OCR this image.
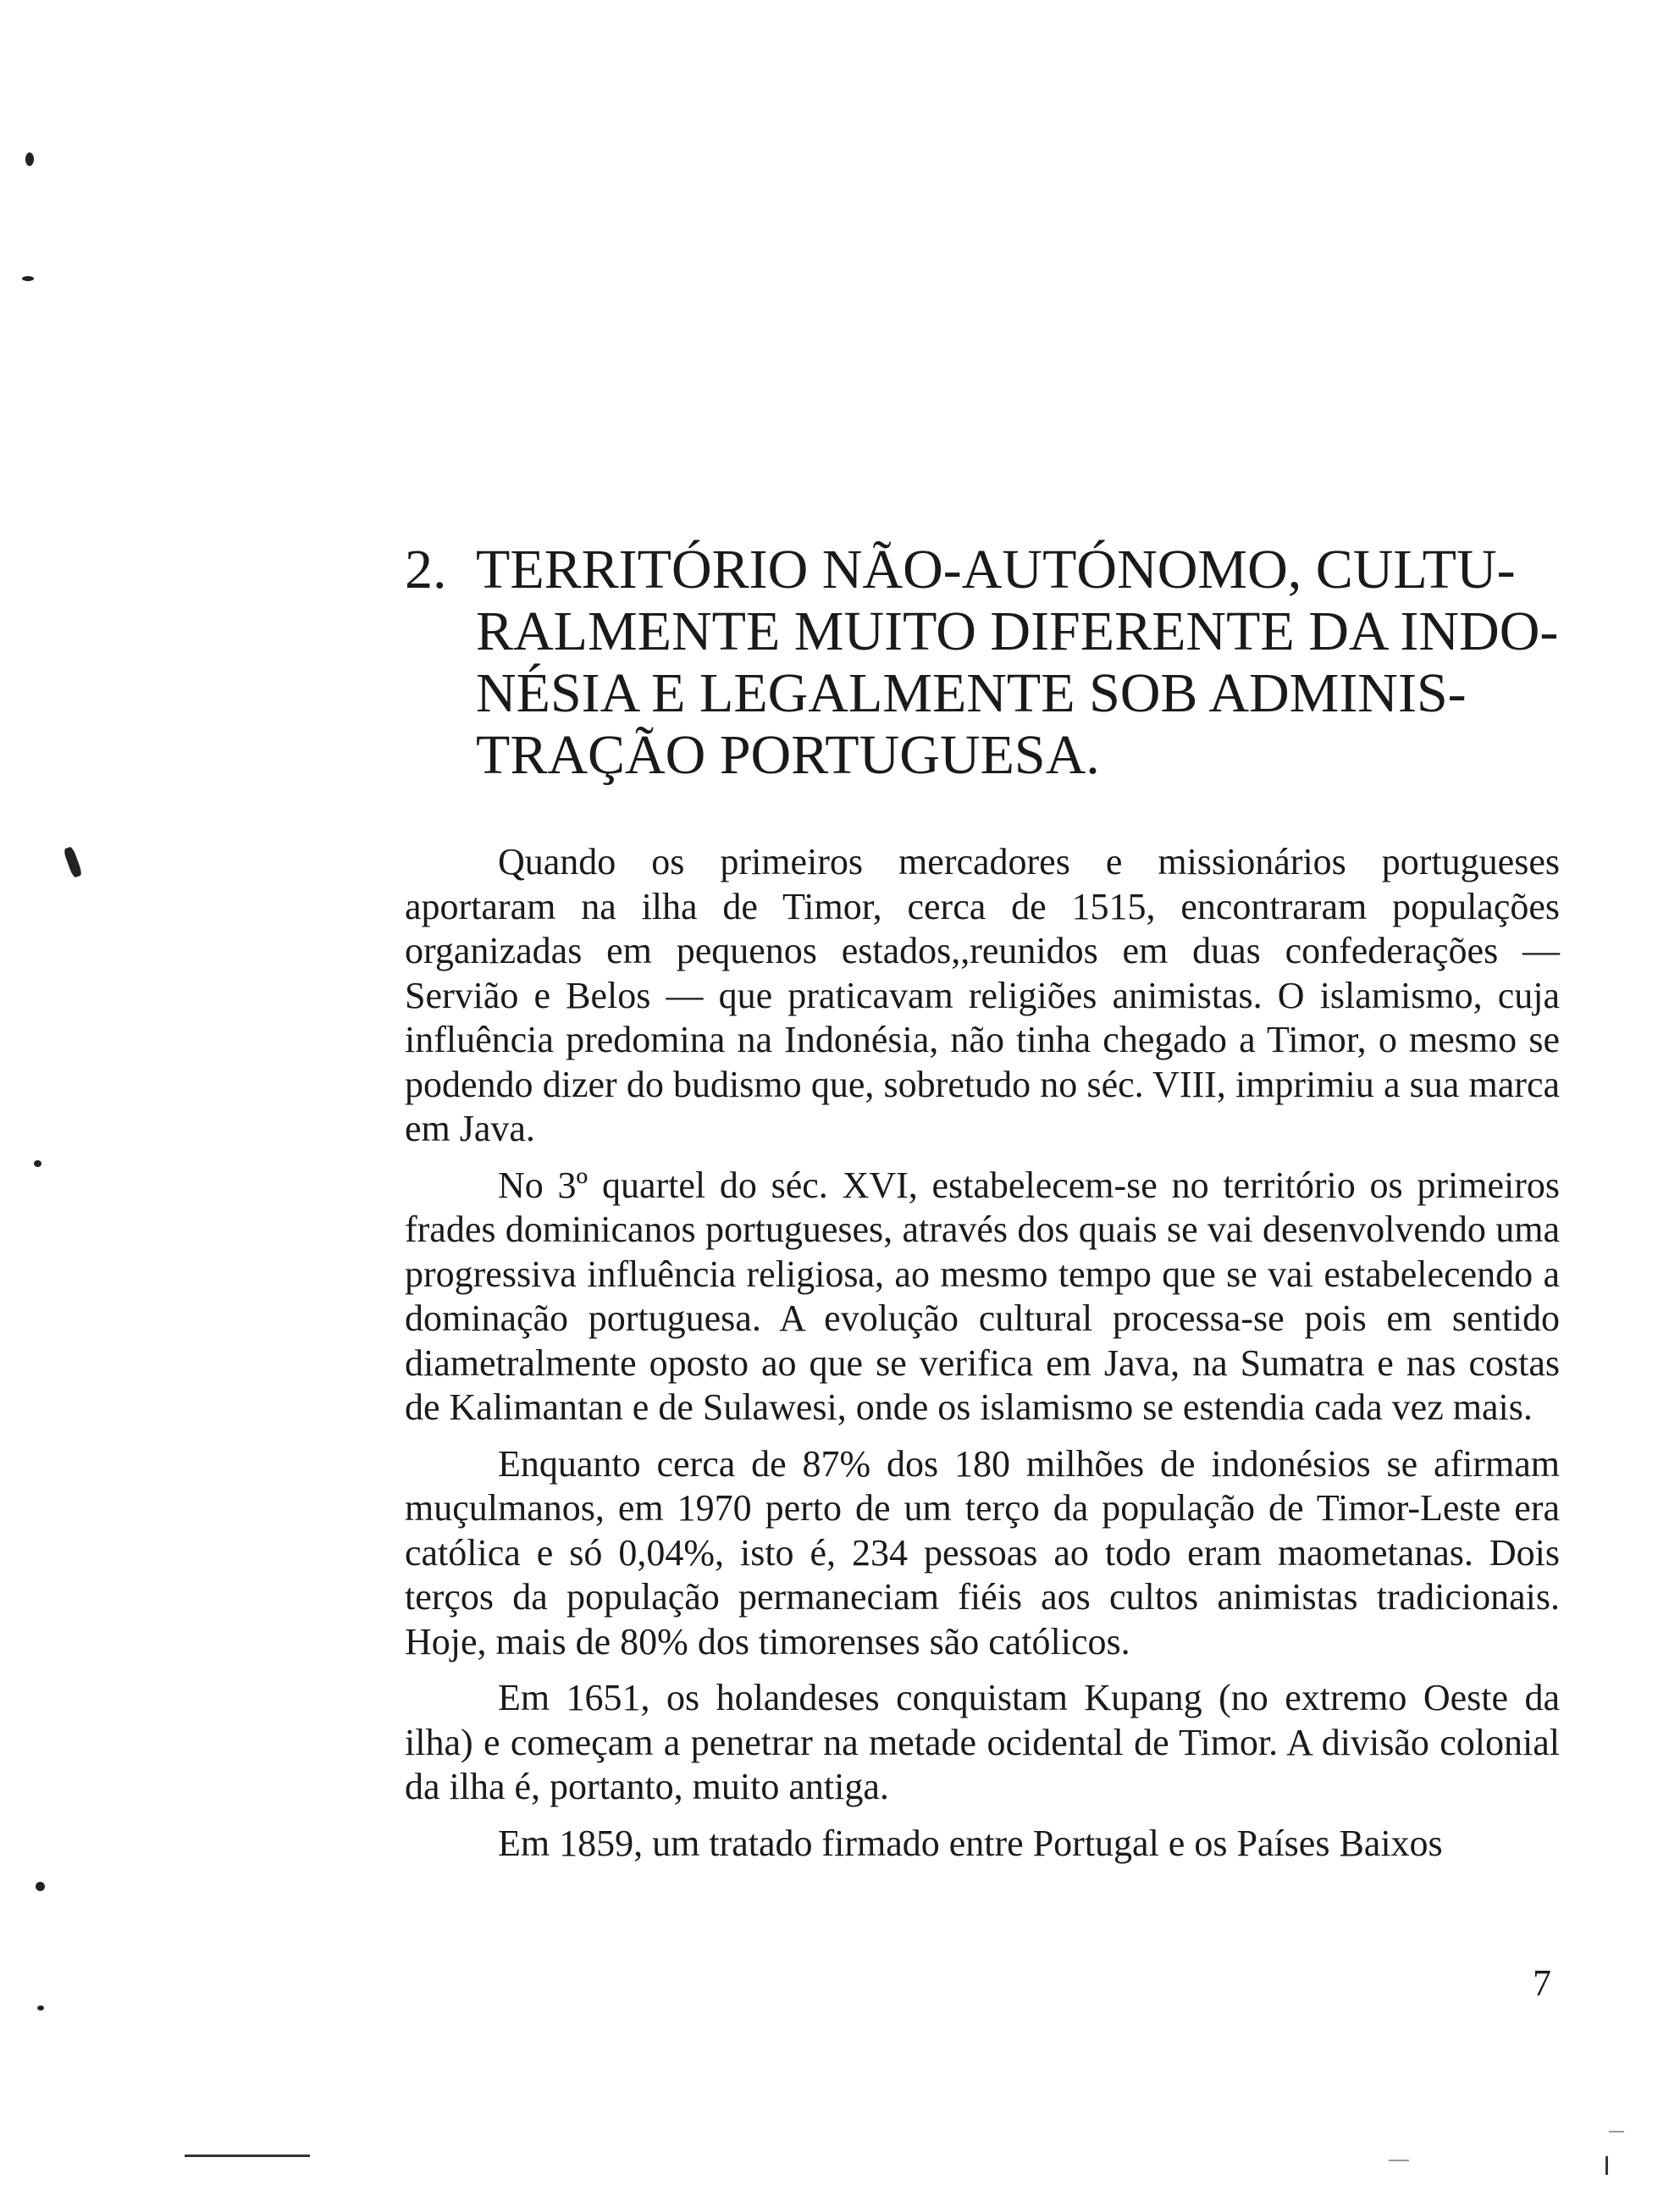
2. TERRITÓRIO NÃO-AUTÓNOMO, CULTU-
RALMENTE MUITO DIFERENTE DA INDO-
NÉSIA E LEGALMENTE SOB ADMINIS-
TRAÇÃO PORTUGUESA.

Quando os primeiros mercadores e missionários portugueses aportaram na ilha de Timor, cerca de 1515, encontraram populações organizadas em pequenos estados,,reunidos em duas confederações — Servião e Belos — que praticavam religiões animistas. O islamismo, cuja influência predomina na Indonésia, não tinha chegado a Timor, o mesmo se podendo dizer do budismo que, sobretudo no séc. VIII, imprimiu a sua marca em Java.

No 3º quartel do séc. XVI, estabelecem-se no território os primeiros frades dominicanos portugueses, através dos quais se vai desenvolvendo uma progressiva influência religiosa, ao mesmo tempo que se vai estabelecendo a dominação portuguesa. A evolução cultural processa-se pois em sentido diametralmente oposto ao que se verifica em Java, na Sumatra e nas costas de Kalimantan e de Sulawesi, onde os islamismo se estendia cada vez mais.

Enquanto cerca de 87% dos 180 milhões de indonésios se afirmam muçulmanos, em 1970 perto de um terço da população de Timor-Leste era católica e só 0,04%, isto é, 234 pessoas ao todo eram maometanas. Dois terços da população permaneciam fiéis aos cultos animistas tradicionais. Hoje, mais de 80% dos timorenses são católicos.

Em 1651, os holandeses conquistam Kupang (no extremo Oeste da ilha) e começam a penetrar na metade ocidental de Timor. A divisão colonial da ilha é, portanto, muito antiga.

Em 1859, um tratado firmado entre Portugal e os Países Baixos

7
